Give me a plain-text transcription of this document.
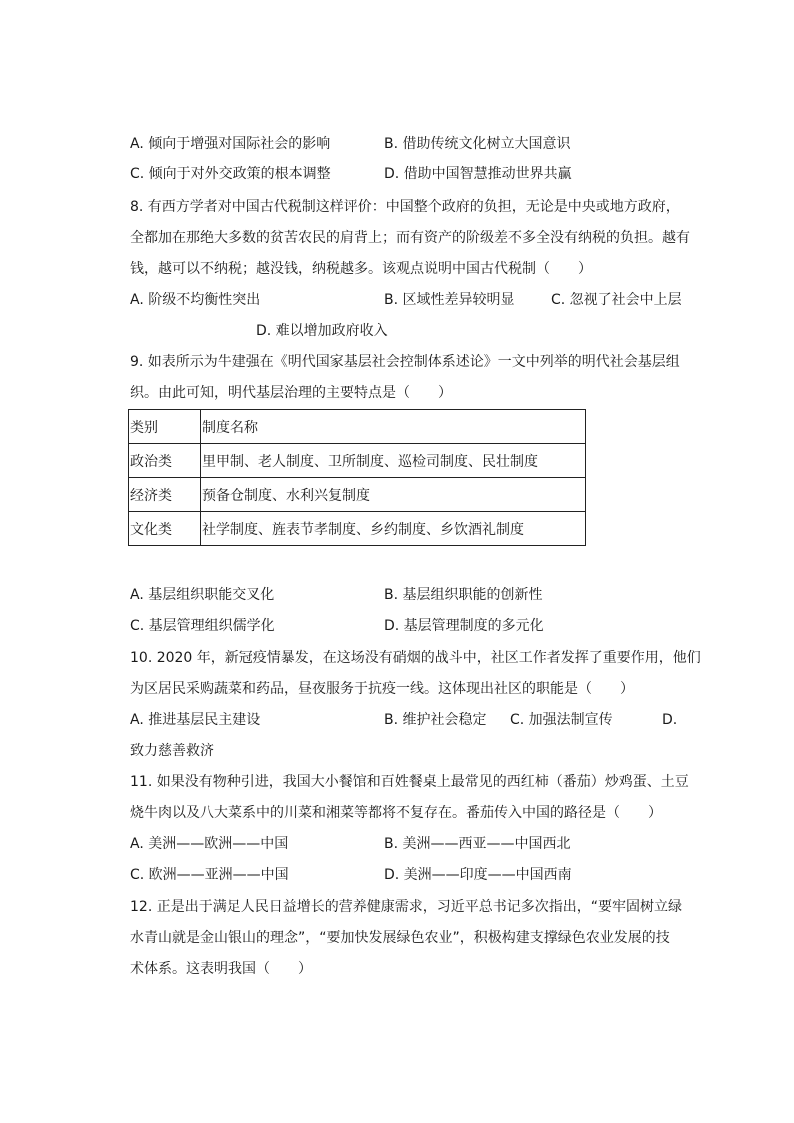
A. 倾向于增强对国际社会的影响	B. 借助传统文化树立大国意识
C. 倾向于对外交政策的根本调整	D. 借助中国智慧推动世界共赢
8. 有西方学者对中国古代税制这样评价：中国整个政府的负担，无论是中央或地方政府，
全都加在那绝大多数的贫苦农民的肩背上；而有资产的阶级差不多全没有纳税的负担。越有
钱，越可以不纳税；越没钱，纳税越多。该观点说明中国古代税制（　　）
A. 阶级不均衡性突出	B. 区域性差异较明显	C. 忽视了社会中上层
D. 难以增加政府收入
9. 如表所示为牛建强在《明代国家基层社会控制体系述论》一文中列举的明代社会基层组
织。由此可知，明代基层治理的主要特点是（　　）
类别	制度名称
政治类	里甲制、老人制度、卫所制度、巡检司制度、民壮制度
经济类	预备仓制度、水利兴复制度
文化类	社学制度、旌表节孝制度、乡约制度、乡饮酒礼制度
A. 基层组织职能交叉化	B. 基层组织职能的创新性
C. 基层管理组织儒学化	D. 基层管理制度的多元化
10. 2020 年，新冠疫情暴发，在这场没有硝烟的战斗中，社区工作者发挥了重要作用，他们
为区居民采购蔬菜和药品，昼夜服务于抗疫一线。这体现出社区的职能是（　　）
A. 推进基层民主建设	B. 维护社会稳定 C. 加强法制宣传	D.
致力慈善救济
11. 如果没有物种引进，我国大小餐馆和百姓餐桌上最常见的西红柿（番茄）炒鸡蛋、土豆
烧牛肉以及八大菜系中的川菜和湘菜等都将不复存在。番茄传入中国的路径是（　　）
A. 美洲——欧洲——中国	B. 美洲——西亚——中国西北
C. 欧洲——亚洲——中国	D. 美洲——印度——中国西南
12. 正是出于满足人民日益增长的营养健康需求，习近平总书记多次指出，“要牢固树立绿
水青山就是金山银山的理念”，“要加快发展绿色农业”，积极构建支撑绿色农业发展的技
术体系。这表明我国（　　）
